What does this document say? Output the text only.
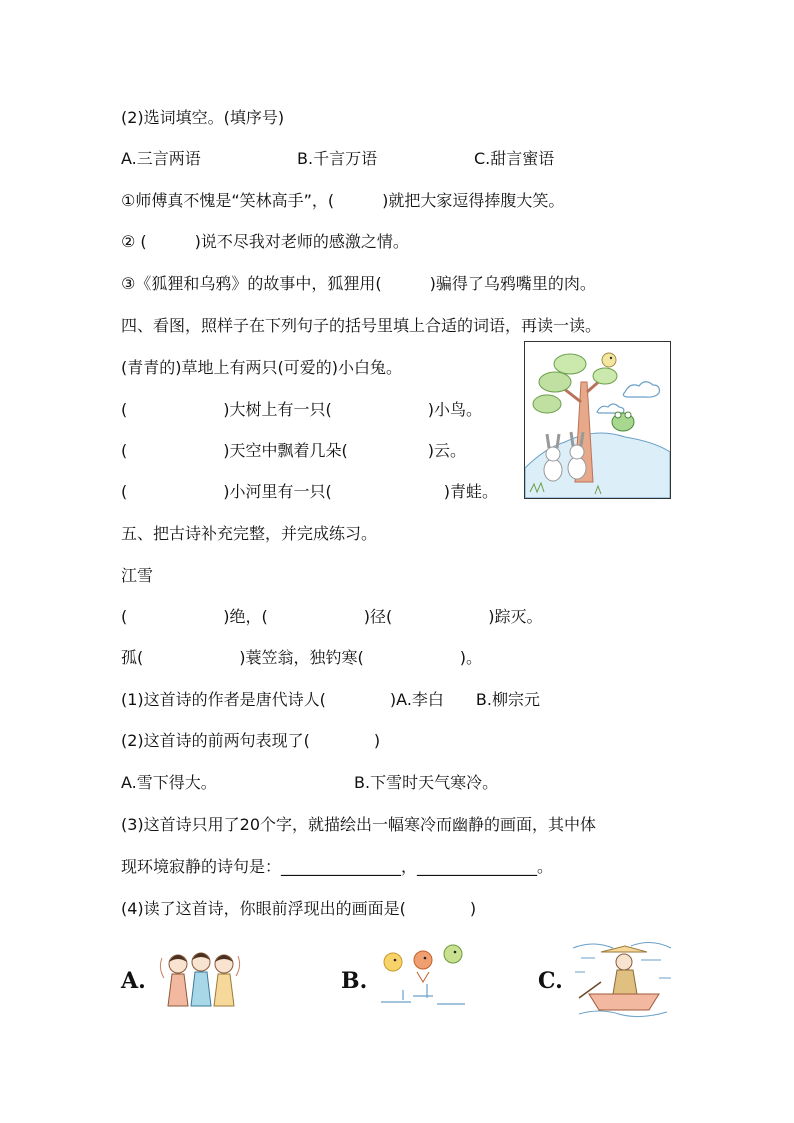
(2)选词填空。(填序号)
A.三言两语	B.千言万语	C.甜言蜜语
①师傅真不愧是“笑林高手”，(　　　)就把大家逗得捧腹大笑。
② (　　　)说不尽我对老师的感激之情。
③《狐狸和乌鸦》的故事中，狐狸用(　　　)骗得了乌鸦嘴里的肉。
四、看图，照样子在下列句子的括号里填上合适的词语，再读一读。
(青青的)草地上有两只(可爱的)小白兔。
(　　　　　　)大树上有一只(　　　　　　)小鸟。
(　　　　　　)天空中飘着几朵(　　　　　)云。
(　　　　　　)小河里有一只(　　　　　　　)青蛙。
五、把古诗补充完整，并完成练习。
江雪
(　　　　　　)绝，(　　　　　　)径(　　　　　　)踪灭。
孤(　　　　　　)蓑笠翁，独钓寒(　　　　　　)。
(1)这首诗的作者是唐代诗人(　　　　)A.李白　　B.柳宗元
(2)这首诗的前两句表现了(　　　　)
A.雪下得大。	B.下雪时天气寒冷。
(3)这首诗只用了20个字，就描绘出一幅寒冷而幽静的画面，其中体
现环境寂静的诗句是：_______________，_______________。
(4)读了这首诗，你眼前浮现出的画面是(　　　　)
A.	B.	C.
